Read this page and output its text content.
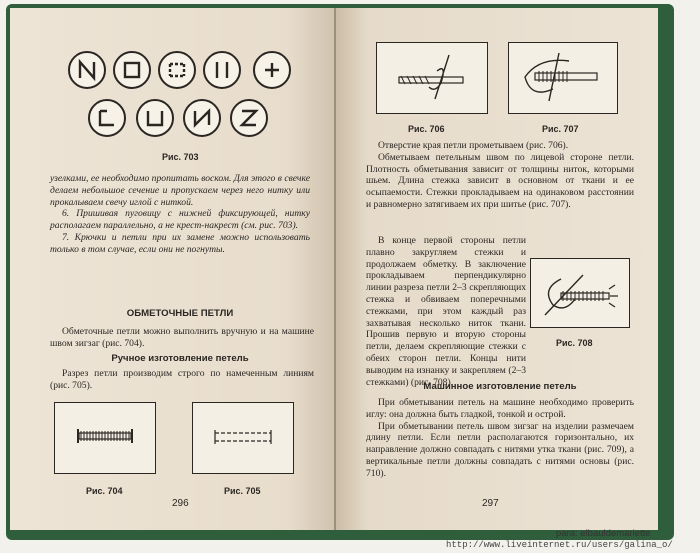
Рис. 703

узелками, ее необходимо пропитать воском. Для этого в свечке делаем небольшое сечение и пропускаем через него нитку или прокалываем свечу иглой с ниткой.

6. Пришивая пуговицу с нижней фиксирующей, нитку располагаем параллельно, а не крест-накрест (см. рис. 703).

7. Крючки и петли при их замене можно использовать только в том случае, если они не погнуты.

ОБМЕТОЧНЫЕ ПЕТЛИ

Обметочные петли можно выполнить вручную и на машине швом зигзаг (рис. 704).

Ручное изготовление петель

Разрез петли производим строго по намеченным линиям (рис. 705).

Рис. 704	Рис. 705
296
Рис. 706	Рис. 707

Отверстие края петли прометываем (рис. 706).

Обметываем петельным швом по лицевой стороне петли. Плотность обметывания зависит от толщины ниток, которыми шьем. Длина стежка зависит в основном от ткани и ее осыпаемости. Стежки прокладываем на одинаковом расстоянии и равномерно затягиваем их при шитье (рис. 707).

В конце первой стороны петли плавно закругляем стежки и продолжаем обметку. В заключение прокладываем перпендикулярно линии разреза петли 2–3 скрепляющих стежка и обвиваем поперечными стежками, при этом каждый раз захватывая несколько ниток ткани. Прошив первую и вторую стороны петли, делаем скрепляющие стежки с обеих сторон петли. Концы нити выводим на изнанку и закрепляем (2–3 стежками) (рис. 708).

Рис. 708
Машинное изготовление петель

При обметывании петель на машине необходимо проверить иглу: она должна быть гладкой, тонкой и острой.

При обметывании петель швом зигзаг на изделии размечаем длину петли. Если петли располагаются горизонтально, их направление должно совпадать с нитями утка ткани (рис. 709), а вертикальные петли должны совпадать с нитями основы (рис. 710).

297
para: elbauldemariette
http://www.liveinternet.ru/users/galina_o/
